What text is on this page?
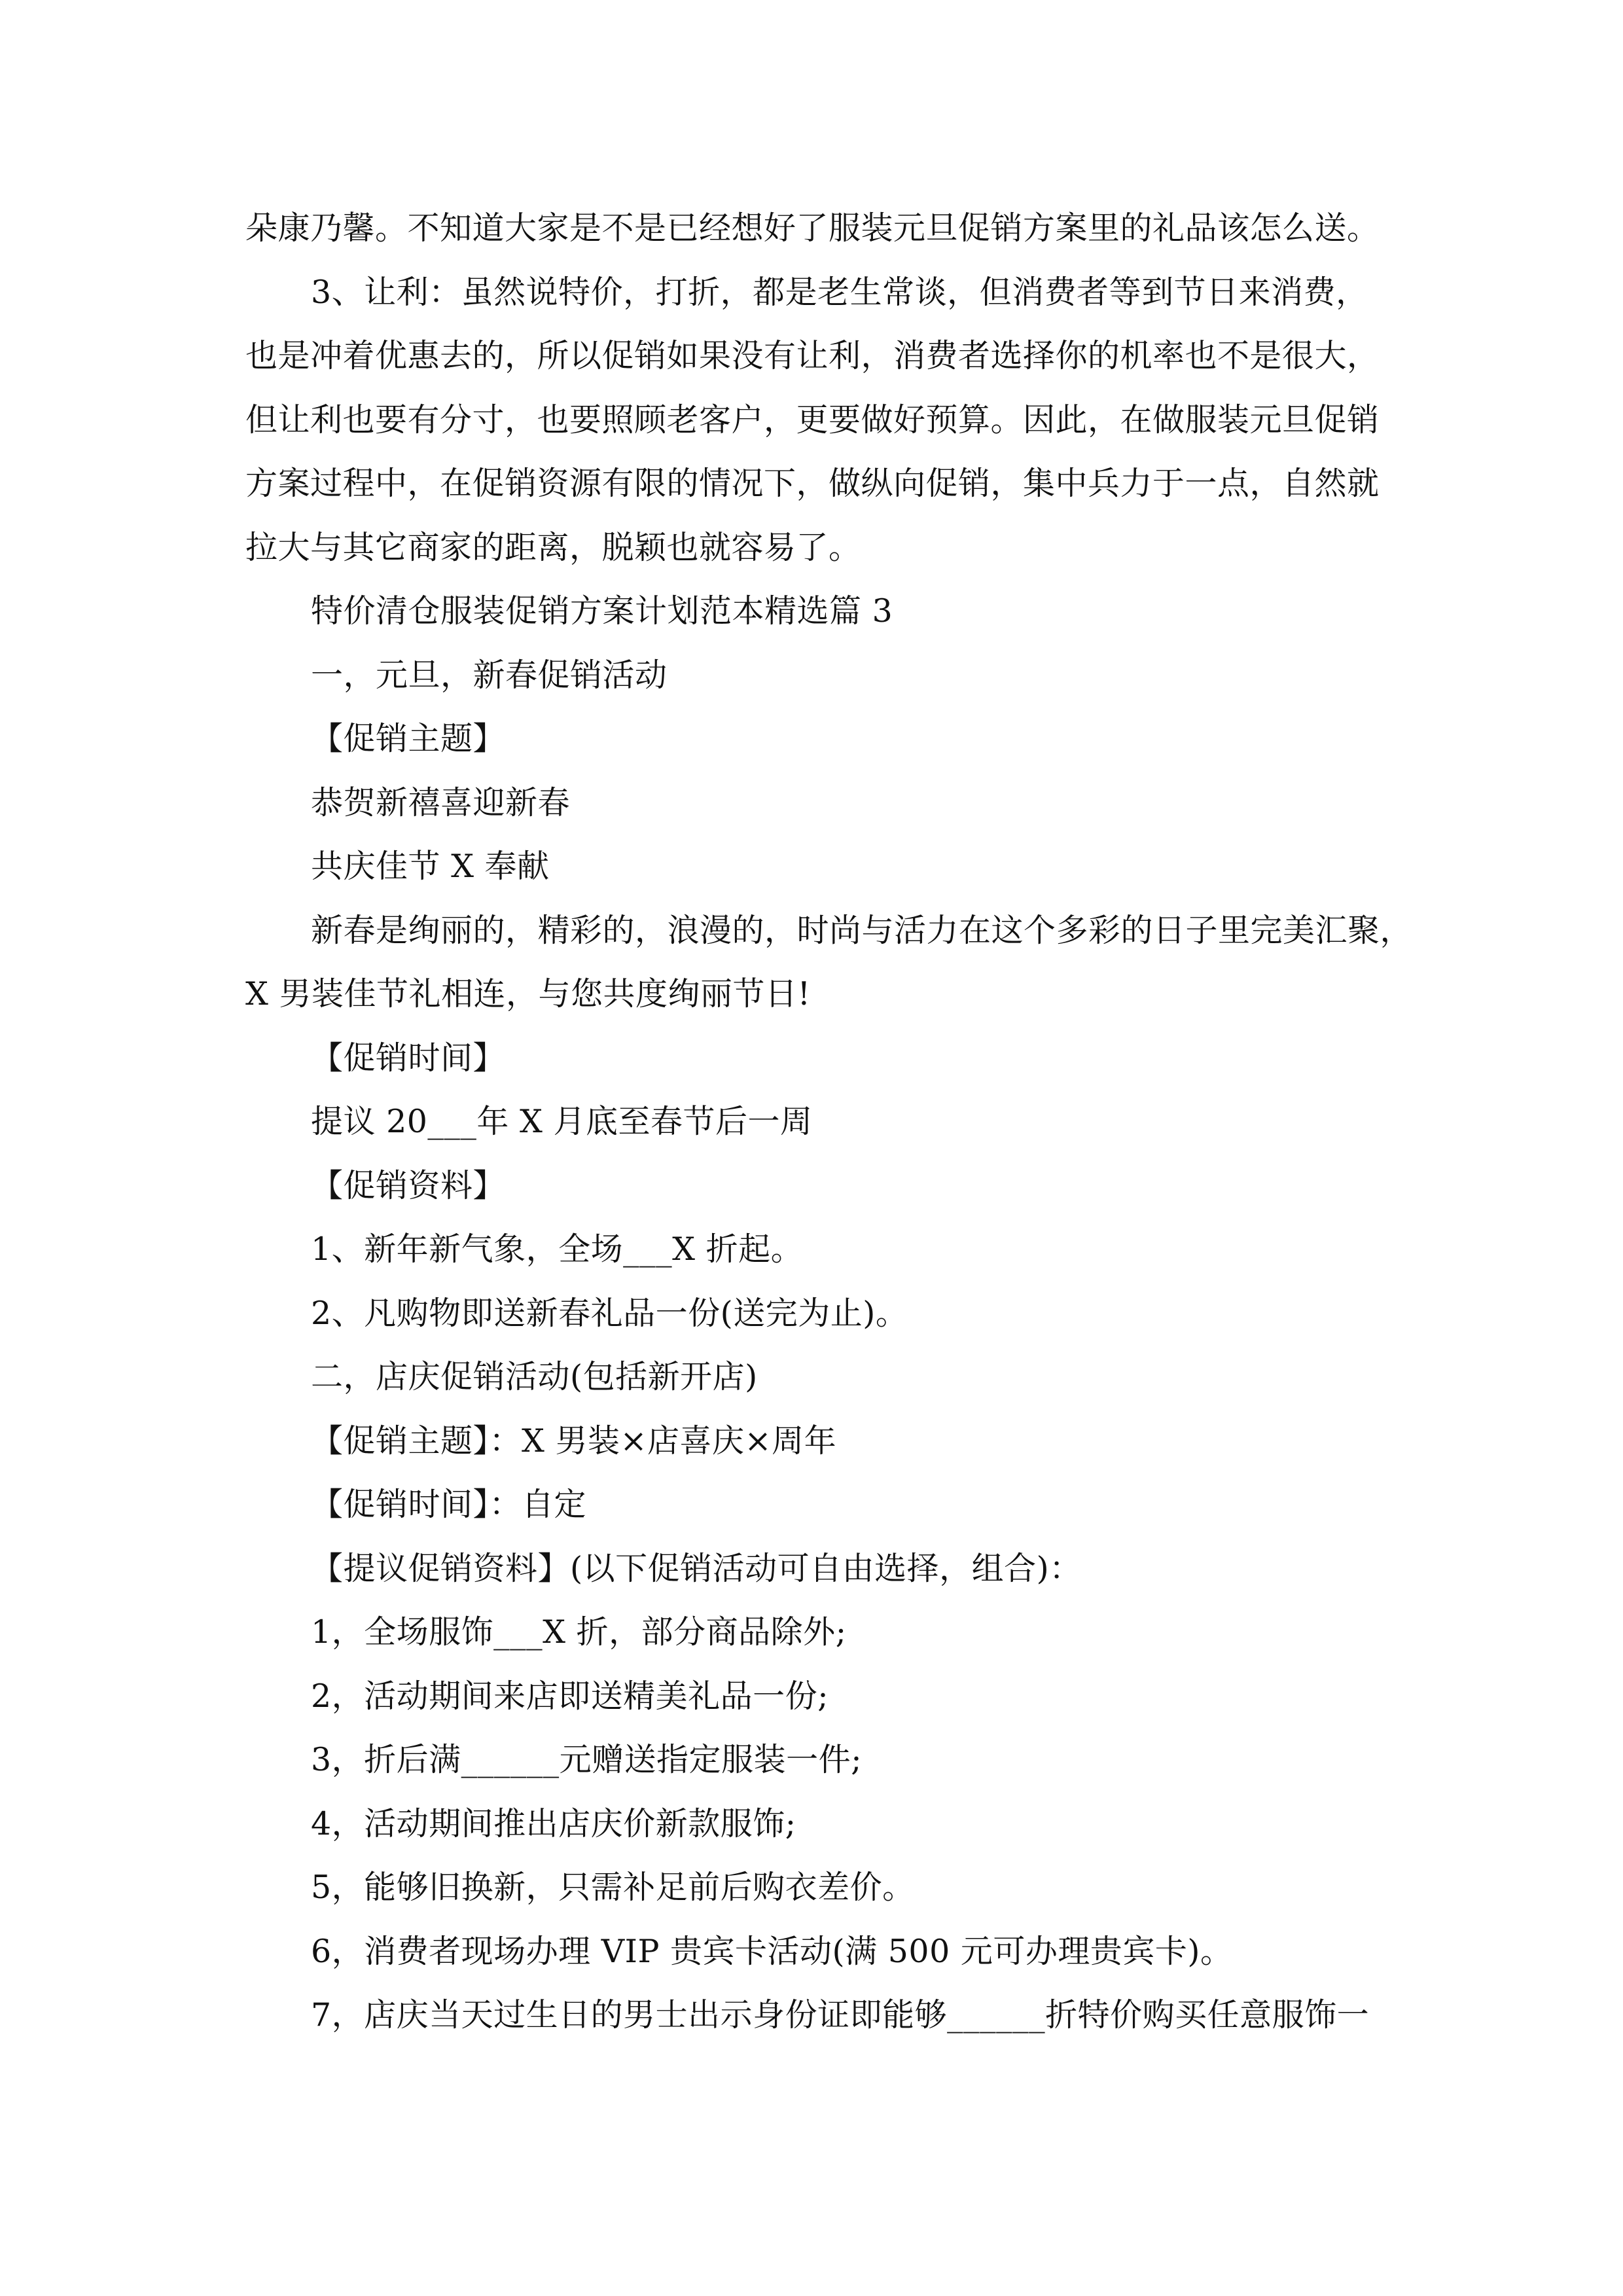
朵康乃馨。不知道大家是不是已经想好了服装元旦促销方案里的礼品该怎么送。
3、让利：虽然说特价，打折，都是老生常谈，但消费者等到节日来消费，
也是冲着优惠去的，所以促销如果没有让利，消费者选择你的机率也不是很大，
但让利也要有分寸，也要照顾老客户，更要做好预算。因此，在做服装元旦促销
方案过程中，在促销资源有限的情况下，做纵向促销，集中兵力于一点，自然就
拉大与其它商家的距离，脱颖也就容易了。
特价清仓服装促销方案计划范本精选篇 3
一，元旦，新春促销活动
【促销主题】
恭贺新禧喜迎新春
共庆佳节 X 奉献
新春是绚丽的，精彩的，浪漫的，时尚与活力在这个多彩的日子里完美汇聚，
X 男装佳节礼相连，与您共度绚丽节日!
【促销时间】
提议 20___年 X 月底至春节后一周
【促销资料】
1、新年新气象，全场___X 折起。
2、凡购物即送新春礼品一份(送完为止)。
二，店庆促销活动(包括新开店)
【促销主题】：X 男装×店喜庆×周年
【促销时间】：自定
【提议促销资料】(以下促销活动可自由选择，组合)：
1，全场服饰___X 折，部分商品除外;
2，活动期间来店即送精美礼品一份;
3，折后满______元赠送指定服装一件;
4，活动期间推出店庆价新款服饰;
5，能够旧换新，只需补足前后购衣差价。
6，消费者现场办理 VIP 贵宾卡活动(满 500 元可办理贵宾卡)。
7，店庆当天过生日的男士出示身份证即能够______折特价购买任意服饰一
